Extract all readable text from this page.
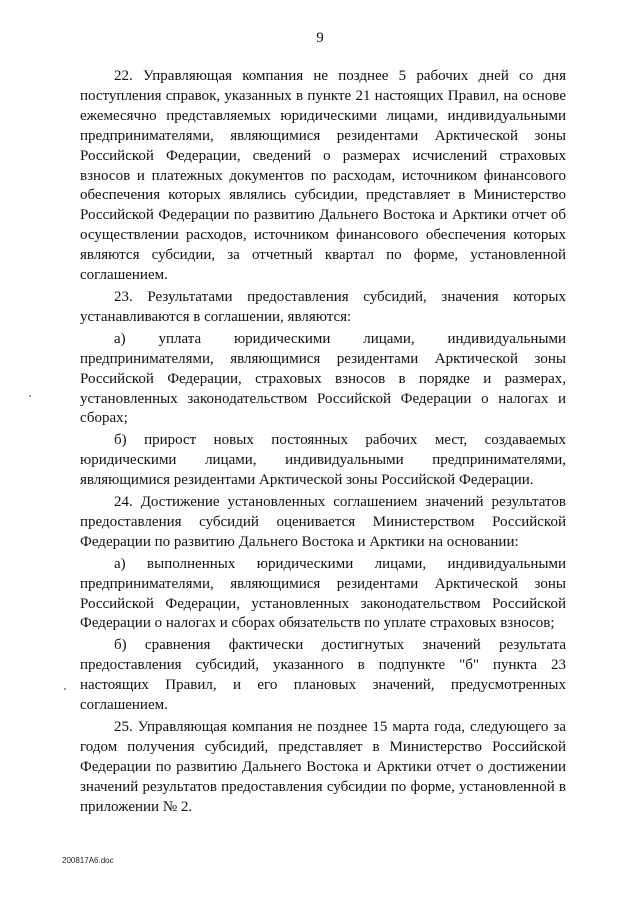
9

22. Управляющая компания не позднее 5 рабочих дней со дня поступления справок, указанных в пункте 21 настоящих Правил, на основе ежемесячно представляемых юридическими лицами, индивидуальными предпринимателями, являющимися резидентами Арктической зоны Российской Федерации, сведений о размерах исчислений страховых взносов и платежных документов по расходам, источником финансового обеспечения которых являлись субсидии, представляет в Министерство Российской Федерации по развитию Дальнего Востока и Арктики отчет об осуществлении расходов, источником финансового обеспечения которых являются субсидии, за отчетный квартал по форме, установленной соглашением.

23. Результатами предоставления субсидий, значения которых устанавливаются в соглашении, являются:

а) уплата юридическими лицами, индивидуальными предпринимателями, являющимися резидентами Арктической зоны Российской Федерации, страховых взносов в порядке и размерах, установленных законодательством Российской Федерации о налогах и сборах;

б) прирост новых постоянных рабочих мест, создаваемых юридическими лицами, индивидуальными предпринимателями, являющимися резидентами Арктической зоны Российской Федерации.

24. Достижение установленных соглашением значений результатов предоставления субсидий оценивается Министерством Российской Федерации по развитию Дальнего Востока и Арктики на основании:

а) выполненных юридическими лицами, индивидуальными предпринимателями, являющимися резидентами Арктической зоны Российской Федерации, установленных законодательством Российской Федерации о налогах и сборах обязательств по уплате страховых взносов;

б) сравнения фактически достигнутых значений результата предоставления субсидий, указанного в подпункте "б" пункта 23 настоящих Правил, и его плановых значений, предусмотренных соглашением.

25. Управляющая компания не позднее 15 марта года, следующего за годом получения субсидий, представляет в Министерство Российской Федерации по развитию Дальнего Востока и Арктики отчет о достижении значений результатов предоставления субсидии по форме, установленной в приложении № 2.

200817A6.doc
